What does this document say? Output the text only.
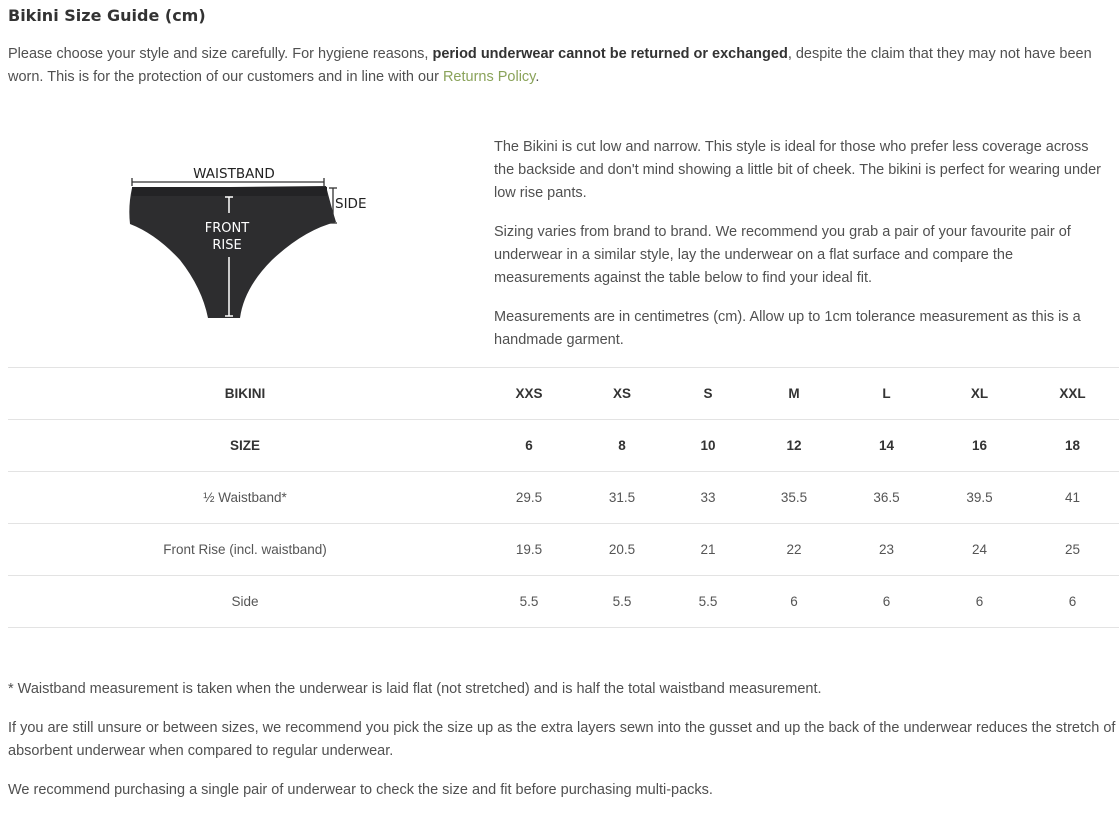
Bikini Size Guide (cm)

Please choose your style and size carefully. For hygiene reasons, period underwear cannot be returned or exchanged, despite the claim that they may not have been worn. This is for the protection of our customers and in line with our Returns Policy.

WAISTBAND
SIDE
FRONT
RISE

The Bikini is cut low and narrow. This style is ideal for those who prefer less coverage across the backside and don't mind showing a little bit of cheek. The bikini is perfect for wearing under low rise pants.

Sizing varies from brand to brand. We recommend you grab a pair of your favourite pair of underwear in a similar style, lay the underwear on a flat surface and compare the measurements against the table below to find your ideal fit.

Measurements are in centimetres (cm). Allow up to 1cm tolerance measurement as this is a handmade garment.

BIKINI	XXS	XS	S	M	L	XL	XXL
SIZE	6	8	10	12	14	16	18
½ Waistband*	29.5	31.5	33	35.5	36.5	39.5	41
Front Rise (incl. waistband)	19.5	20.5	21	22	23	24	25
Side	5.5	5.5	5.5	6	6	6	6

* Waistband measurement is taken when the underwear is laid flat (not stretched) and is half the total waistband measurement.

If you are still unsure or between sizes, we recommend you pick the size up as the extra layers sewn into the gusset and up the back of the underwear reduces the stretch of absorbent underwear when compared to regular underwear.

We recommend purchasing a single pair of underwear to check the size and fit before purchasing multi-packs.
